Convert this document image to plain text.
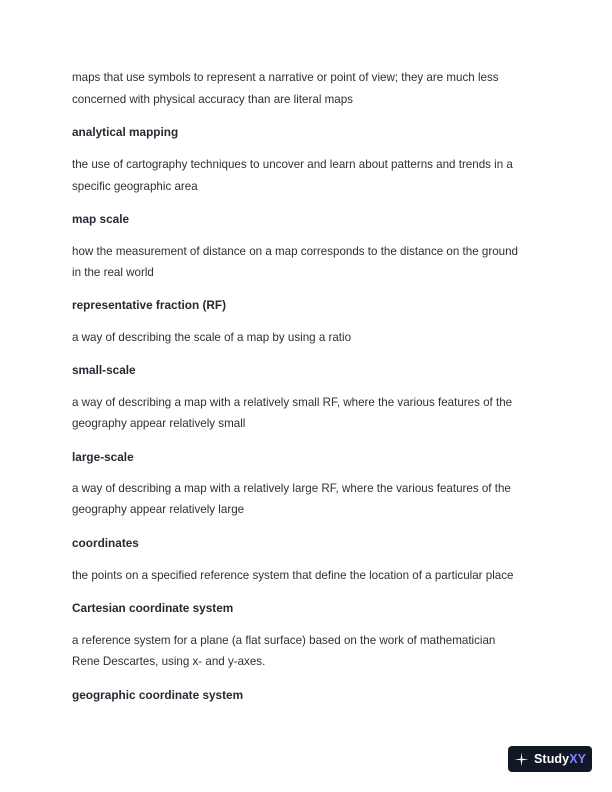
maps that use symbols to represent a narrative or point of view; they are much less
concerned with physical accuracy than are literal maps
analytical mapping
the use of cartography techniques to uncover and learn about patterns and trends in a
specific geographic area
map scale
how the measurement of distance on a map corresponds to the distance on the ground
in the real world
representative fraction (RF)
a way of describing the scale of a map by using a ratio
small-scale
a way of describing a map with a relatively small RF, where the various features of the
geography appear relatively small
large-scale
a way of describing a map with a relatively large RF, where the various features of the
geography appear relatively large
coordinates
the points on a specified reference system that define the location of a particular place
Cartesian coordinate system
a reference system for a plane (a flat surface) based on the work of mathematician
Rene Descartes, using x- and y-axes.
geographic coordinate system
Study XY
